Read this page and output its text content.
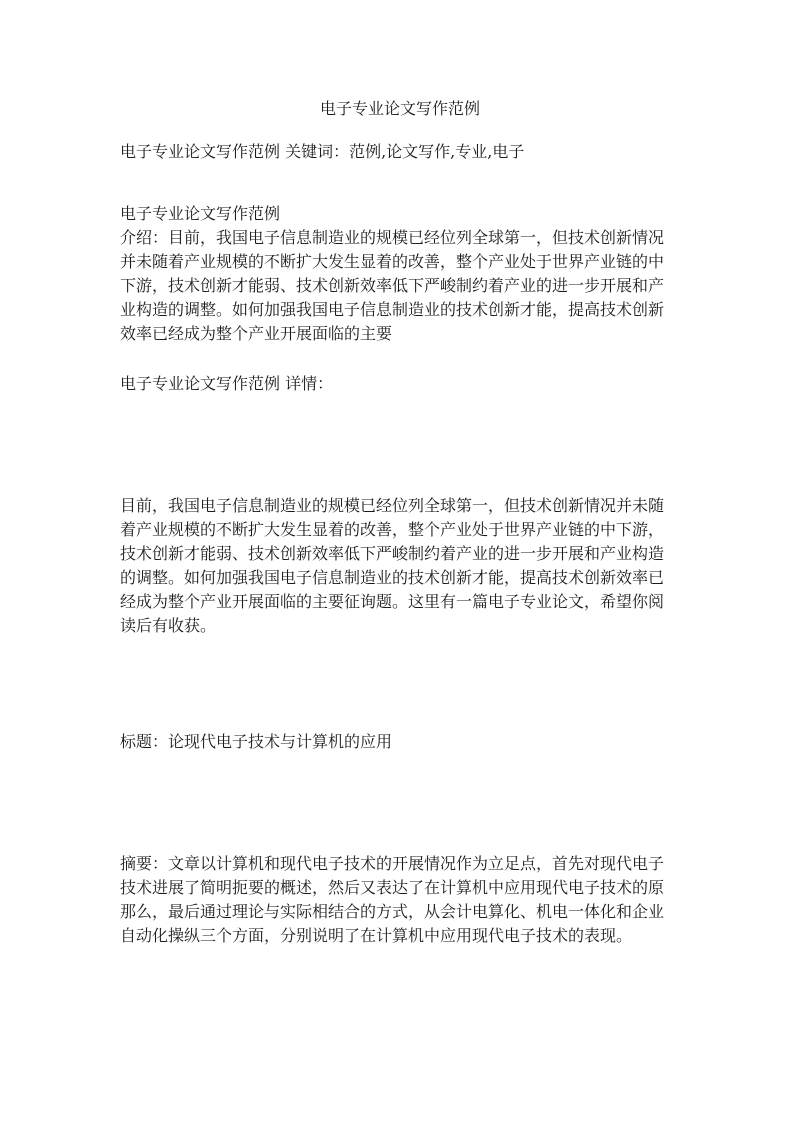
电子专业论文写作范例
电子专业论文写作范例 关键词：范例,论文写作,专业,电子
电子专业论文写作范例
介绍：目前，我国电子信息制造业的规模已经位列全球第一，但技术创新情况
并未随着产业规模的不断扩大发生显着的改善，整个产业处于世界产业链的中
下游，技术创新才能弱、技术创新效率低下严峻制约着产业的进一步开展和产
业构造的调整。如何加强我国电子信息制造业的技术创新才能，提高技术创新
效率已经成为整个产业开展面临的主要
电子专业论文写作范例 详情：
目前，我国电子信息制造业的规模已经位列全球第一，但技术创新情况并未随
着产业规模的不断扩大发生显着的改善，整个产业处于世界产业链的中下游，
技术创新才能弱、技术创新效率低下严峻制约着产业的进一步开展和产业构造
的调整。如何加强我国电子信息制造业的技术创新才能，提高技术创新效率已
经成为整个产业开展面临的主要征询题。这里有一篇电子专业论文，希望你阅
读后有收获。
标题：论现代电子技术与计算机的应用
摘要：文章以计算机和现代电子技术的开展情况作为立足点，首先对现代电子
技术进展了简明扼要的概述，然后又表达了在计算机中应用现代电子技术的原
那么，最后通过理论与实际相结合的方式，从会计电算化、机电一体化和企业
自动化操纵三个方面，分别说明了在计算机中应用现代电子技术的表现。
